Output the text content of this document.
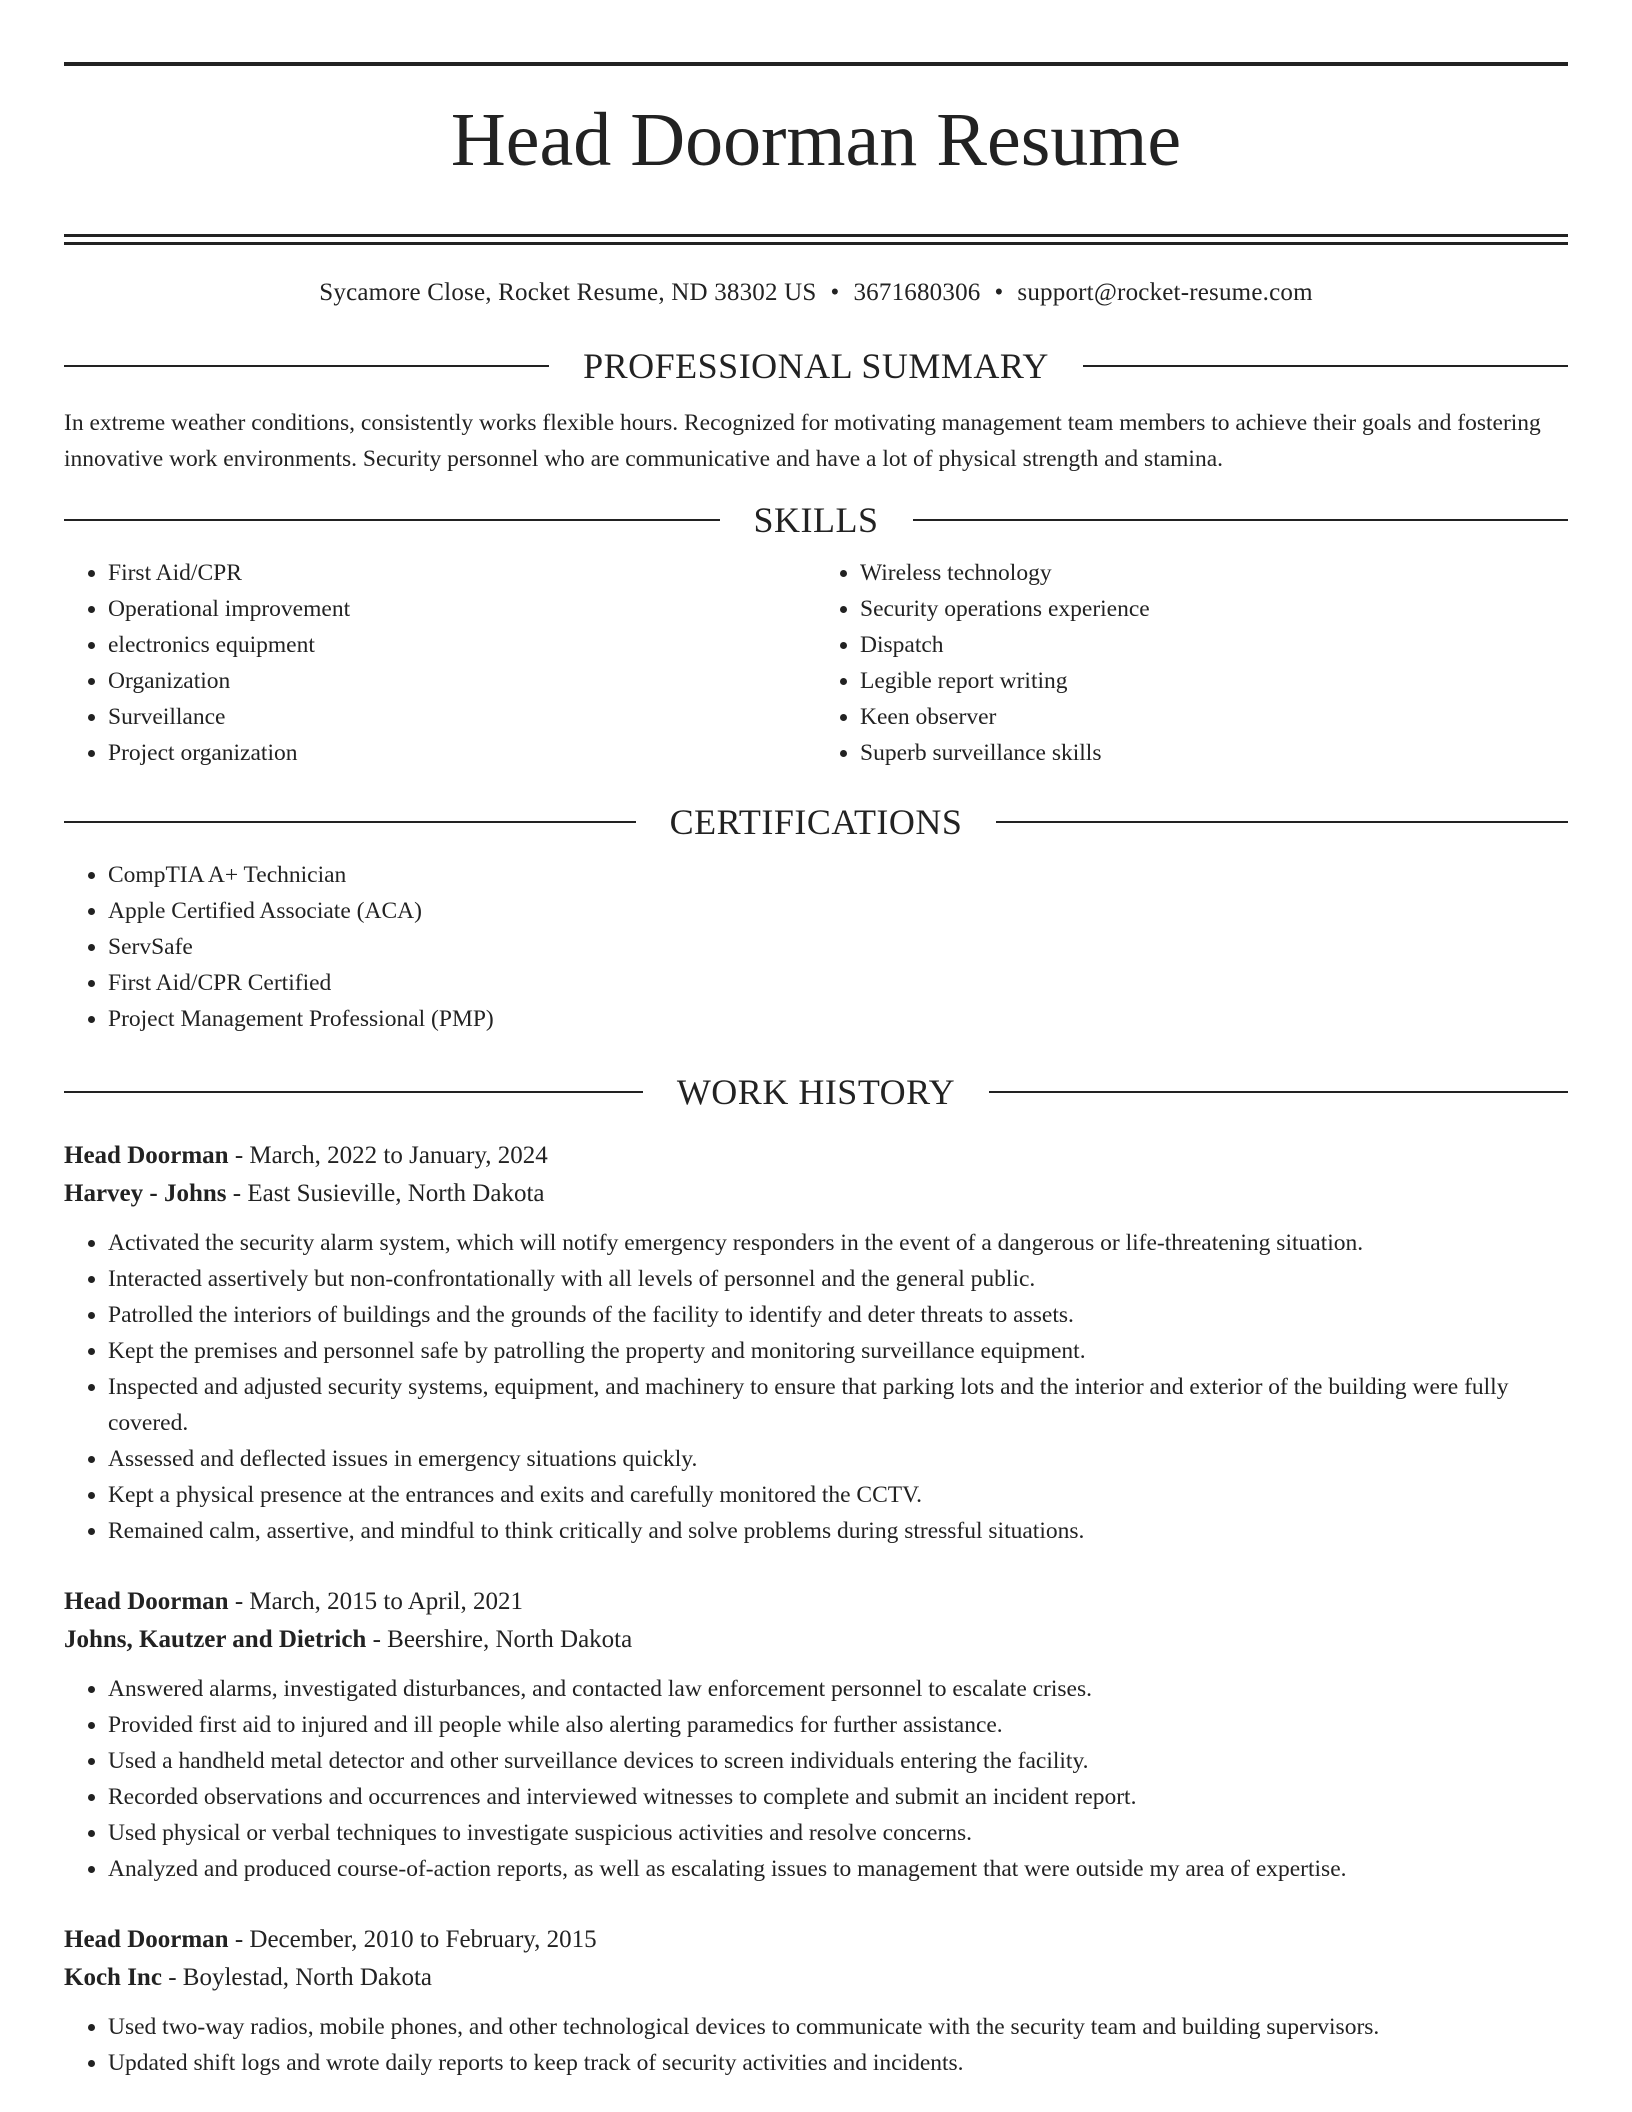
Head Doorman Resume
Sycamore Close, Rocket Resume, ND 38302 US • 3671680306 • support@rocket-resume.com
PROFESSIONAL SUMMARY

In extreme weather conditions, consistently works flexible hours. Recognized for motivating management team members to achieve their goals and fostering innovative work environments. Security personnel who are communicative and have a lot of physical strength and stamina.

SKILLS
• First Aid/CPR
• Operational improvement
• electronics equipment
• Organization
• Surveillance
• Project organization
• Wireless technology
• Security operations experience
• Dispatch
• Legible report writing
• Keen observer
• Superb surveillance skills
CERTIFICATIONS
• CompTIA A+ Technician
• Apple Certified Associate (ACA)
• ServSafe
• First Aid/CPR Certified
• Project Management Professional (PMP)
WORK HISTORY
Head Doorman - March, 2022 to January, 2024
Harvey - Johns - East Susieville, North Dakota
• Activated the security alarm system, which will notify emergency responders in the event of a dangerous or life-threatening situation.
• Interacted assertively but non-confrontationally with all levels of personnel and the general public.
• Patrolled the interiors of buildings and the grounds of the facility to identify and deter threats to assets.
• Kept the premises and personnel safe by patrolling the property and monitoring surveillance equipment.
• Inspected and adjusted security systems, equipment, and machinery to ensure that parking lots and the interior and exterior of the building were fully covered.
• Assessed and deflected issues in emergency situations quickly.
• Kept a physical presence at the entrances and exits and carefully monitored the CCTV.
• Remained calm, assertive, and mindful to think critically and solve problems during stressful situations.
Head Doorman - March, 2015 to April, 2021
Johns, Kautzer and Dietrich - Beershire, North Dakota
• Answered alarms, investigated disturbances, and contacted law enforcement personnel to escalate crises.
• Provided first aid to injured and ill people while also alerting paramedics for further assistance.
• Used a handheld metal detector and other surveillance devices to screen individuals entering the facility.
• Recorded observations and occurrences and interviewed witnesses to complete and submit an incident report.
• Used physical or verbal techniques to investigate suspicious activities and resolve concerns.
• Analyzed and produced course-of-action reports, as well as escalating issues to management that were outside my area of expertise.
Head Doorman - December, 2010 to February, 2015
Koch Inc - Boylestad, North Dakota
• Used two-way radios, mobile phones, and other technological devices to communicate with the security team and building supervisors.
• Updated shift logs and wrote daily reports to keep track of security activities and incidents.
